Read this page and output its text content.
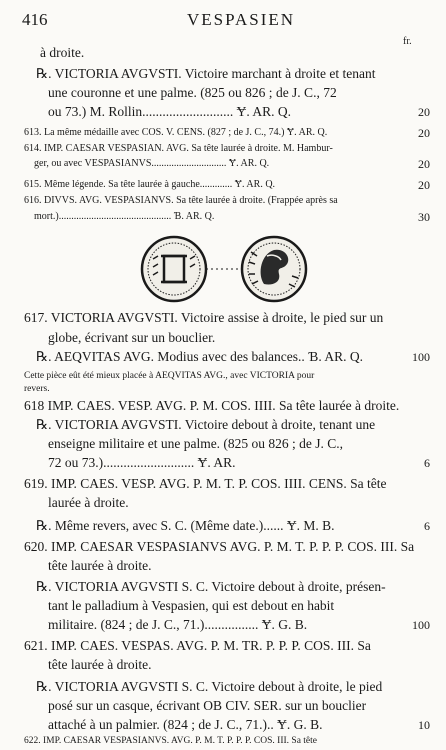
416	VESPASIEN
fr.
à droite.
℞. VICTORIA AVGVSTI. Victoire marchant à droite et tenant
une couronne et une palme. (825 ou 826 ; de J. C., 72
ou 73.) M. Rollin........................... Ɏ. AR. Q.
613. La même médaille avec COS. V. CENS. (827 ; de J. C., 74.) Ɏ. AR. Q.
614. IMP. CAESAR VESPASIAN. AVG. Sa tête laurée à droite. M. Hambur-
ger, ou avec VESPASIANVS.............................. Ɏ. AR. Q.
615. Même légende. Sa tête laurée à gauche............. Ɏ. AR. Q.
616. DIVVS. AVG. VESPASIANVS. Sa tête laurée à droite. (Frappée après sa
mort.)............................................. Ɓ. AR. Q.
617. VICTORIA AVGVSTI. Victoire assise à droite, le pied sur un
globe, écrivant sur un bouclier.
℞. AEQVITAS AVG. Modius avec des balances.. Ɓ. AR. Q.
Cette pièce eût été mieux placée à AEQVITAS AVG., avec VICTORIA pour
revers.
618 IMP. CAES. VESP. AVG. P. M. COS. IIII. Sa tête laurée à droite.
℞. VICTORIA AVGVSTI. Victoire debout à droite, tenant une
enseigne militaire et une palme. (825 ou 826 ; de J. C.,
72 ou 73.)........................... Ɏ. AR.
619. IMP. CAES. VESP. AVG. P. M. T. P. COS. IIII. CENS. Sa tête
laurée à droite.
℞. Même revers, avec S. C. (Même date.)...... Ɏ. M. B.
620. IMP. CAESAR VESPASIANVS AVG. P. M. T. P. P. P. COS. III. Sa
tête laurée à droite.
℞. VICTORIA AVGVSTI S. C. Victoire debout à droite, présen-
tant le palladium à Vespasien, qui est debout en habit
militaire. (824 ; de J. C., 71.)................ Ɏ. G. B.
621. IMP. CAES. VESPAS. AVG. P. M. TR. P. P. P. COS. III. Sa
tête laurée à droite.
℞. VICTORIA AVGVSTI S. C. Victoire debout à droite, le pied
posé sur un casque, écrivant OB CIV. SER. sur un bouclier
attaché à un palmier. (824 ; de J. C., 71.).. Ɏ. G. B.
622. IMP. CAESAR VESPASIANVS. AVG. P. M. T. P. P. P. COS. III. Sa tête
20
20
20
20
30
100
6
6
100
10
